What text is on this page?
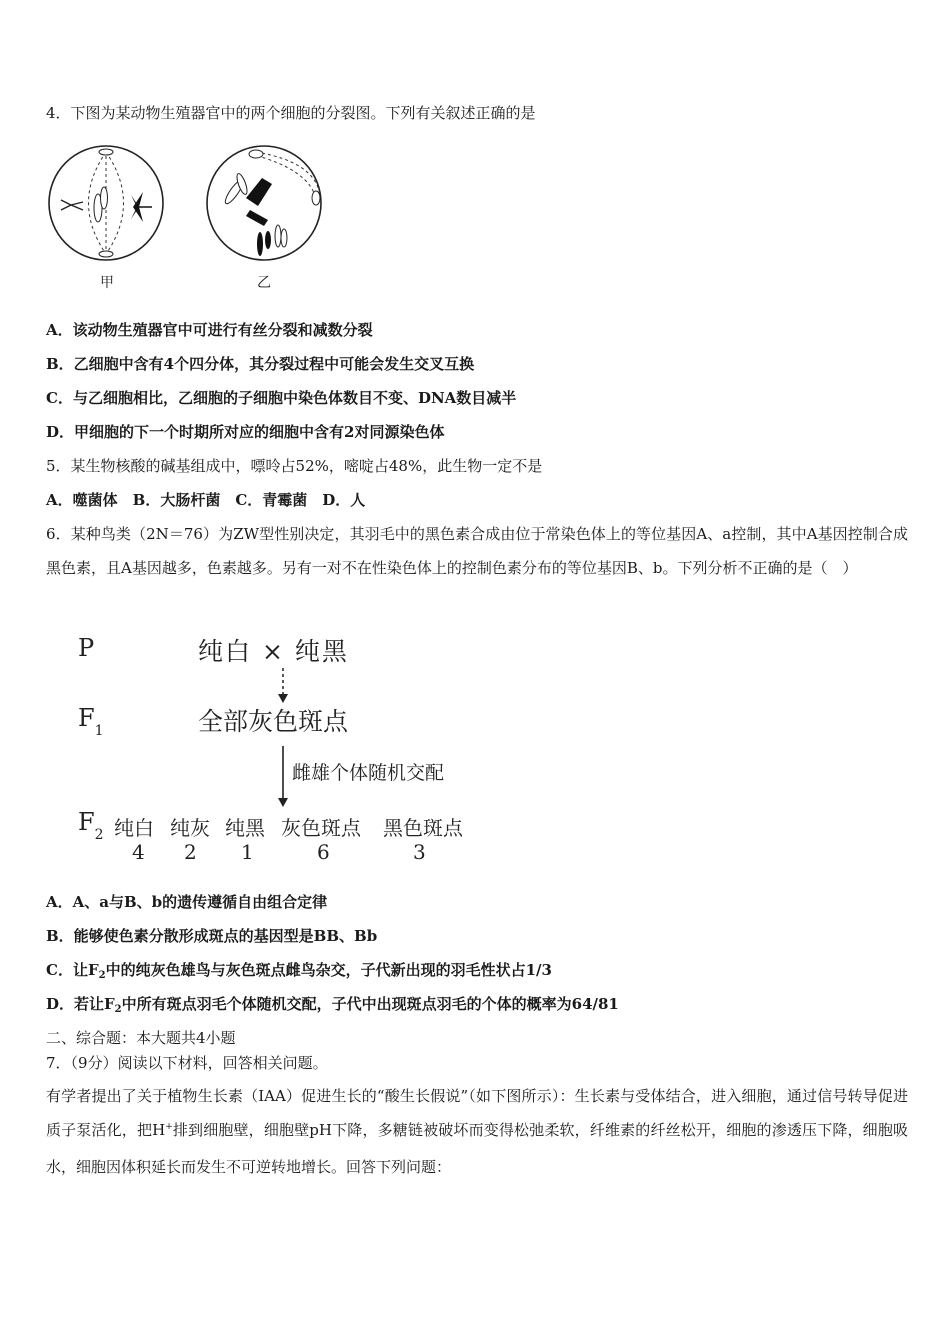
4．下图为某动物生殖器官中的两个细胞的分裂图。下列有关叙述正确的是
甲	乙
A．该动物生殖器官中可进行有丝分裂和减数分裂
B．乙细胞中含有4个四分体，其分裂过程中可能会发生交叉互换
C．与乙细胞相比，乙细胞的子细胞中染色体数目不变、DNA数目减半
D．甲细胞的下一个时期所对应的细胞中含有2对同源染色体
5．某生物核酸的碱基组成中，嘌呤占52%，嘧啶占48%，此生物一定不是
A．噬菌体　B．大肠杆菌　C．青霉菌　D．人
6．某种鸟类（2N＝76）为ZW型性别决定，其羽毛中的黑色素合成由位于常染色体上的等位基因A、a控制，其中A基因控制合成黑色素，且A基因越多，色素越多。另有一对不在性染色体上的控制色素分布的等位基因B、b。下列分析不正确的是（　）
P	纯白 × 纯黑
$F_1$	全部灰色斑点
雌雄个体随机交配
$F_2$ 纯白 纯灰 纯黑 灰色斑点 黑色斑点
4 2 1	6	3
A．A、a与B、b的遗传遵循自由组合定律
B．能够使色素分散形成斑点的基因型是BB、Bb
C．让$F_2$中的纯灰色雄鸟与灰色斑点雌鸟杂交，子代新出现的羽毛性状占1/3
D．若让$F_2$中所有斑点羽毛个体随机交配，子代中出现斑点羽毛的个体的概率为64/81
二、综合题：本大题共4小题
7．（9分）阅读以下材料，回答相关问题。
有学者提出了关于植物生长素（IAA）促进生长的“酸生长假说”（如下图所示）：生长素与受体结合，进入细胞，通过信号转导促进质子泵活化，把H+排到细胞壁，细胞壁pH下降，多糖链被破坏而变得松弛柔软，纤维素的纤丝松开，细胞的渗透压下降，细胞吸水，细胞因体积延长而发生不可逆转地增长。回答下列问题：
